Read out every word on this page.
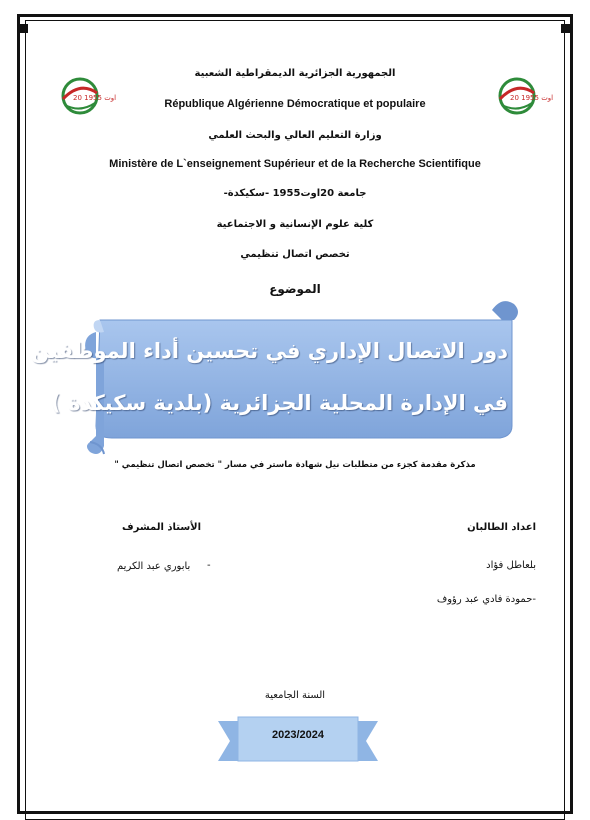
20 اوت 1955	20 اوت 1955
الجمهورية الجزائرية الديمقراطية الشعبية
République Algérienne Démocratique et populaire
وزارة التعليم العالي والبحث العلمي
Ministère de L`enseignement Supérieur et de la Recherche Scientifique
جامعة 20اوت1955 -سكيكدة-
كلية علوم الإنسانية و الاجتماعية
تخصص اتصال تنظيمي
الموضوع
دور الاتصال الإداري في تحسين أداء الموظفين
في الإدارة المحلية الجزائرية (بلدية سكيكدة )
مذكرة مقدمة كجزء من متطلبات نيل شهادة ماستر في مسار " تخصص اتصال تنظيمي "
اعداد الطالبان
الأستاذ المشرف
بلعاطل فؤاد
-
بابوري عبد الكريم
-حمودة فادي عبد رؤوف
السنة الجامعية
2023/2024
